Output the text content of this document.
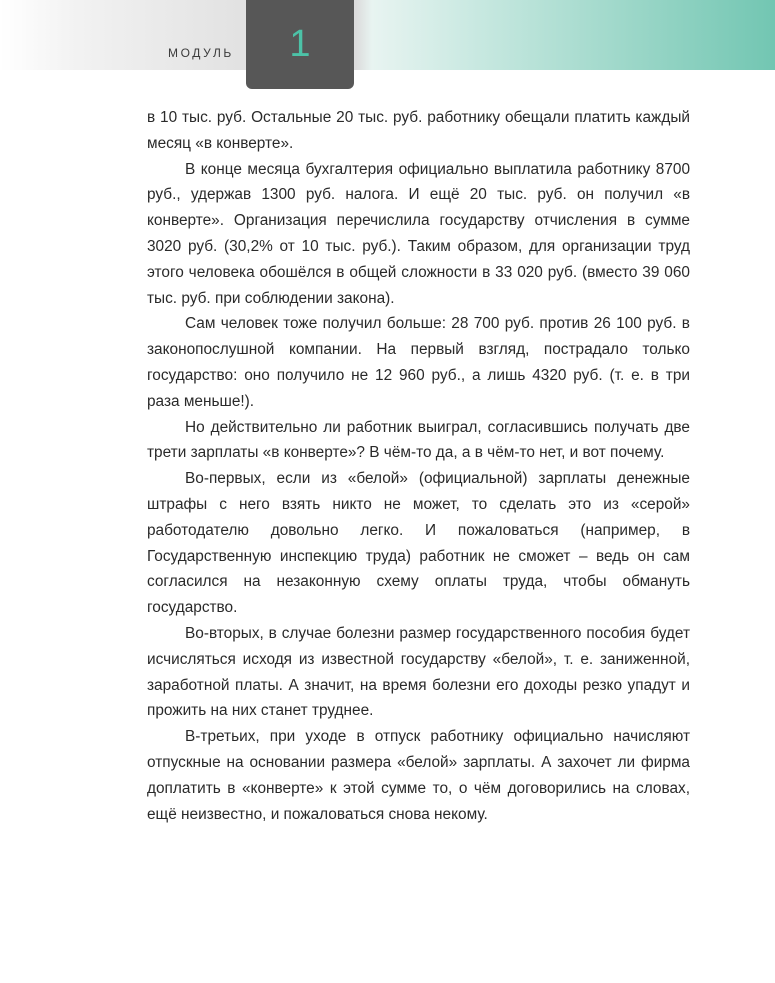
МОДУЛЬ	1

в 10 тыс. руб. Остальные 20 тыс. руб. работнику обещали платить каждый месяц «в конверте».

В конце месяца бухгалтерия официально выплатила работнику 8700 руб., удержав 1300 руб. налога. И ещё 20 тыс. руб. он получил «в конверте». Организация перечислила государству отчисления в сумме 3020 руб. (30,2% от 10 тыс. руб.). Таким образом, для организации труд этого человека обошёлся в общей сложности в 33 020 руб. (вместо 39 060 тыс. руб. при соблюдении закона).

Сам человек тоже получил больше: 28 700 руб. против 26 100 руб. в законопослушной компании. На первый взгляд, пострадало только государство: оно получило не 12 960 руб., а лишь 4320 руб. (т. е. в три раза меньше!).

Но действительно ли работник выиграл, согласившись получать две трети зарплаты «в конверте»? В чём-то да, а в чём-то нет, и вот почему.

Во-первых, если из «белой» (официальной) зарплаты денежные штрафы с него взять никто не может, то сделать это из «серой» работодателю довольно легко. И пожаловаться (например, в Государственную инспекцию труда) работник не сможет – ведь он сам согласился на незаконную схему оплаты труда, чтобы обмануть государство.

Во-вторых, в случае болезни размер государственного пособия будет исчисляться исходя из известной государству «белой», т. е. заниженной, заработной платы. А значит, на время болезни его доходы резко упадут и прожить на них станет труднее.

В-третьих, при уходе в отпуск работнику официально начисляют отпускные на основании размера «белой» зарплаты. А захочет ли фирма доплатить в «конверте» к этой сумме то, о чём договорились на словах, ещё неизвестно, и пожаловаться снова некому.
